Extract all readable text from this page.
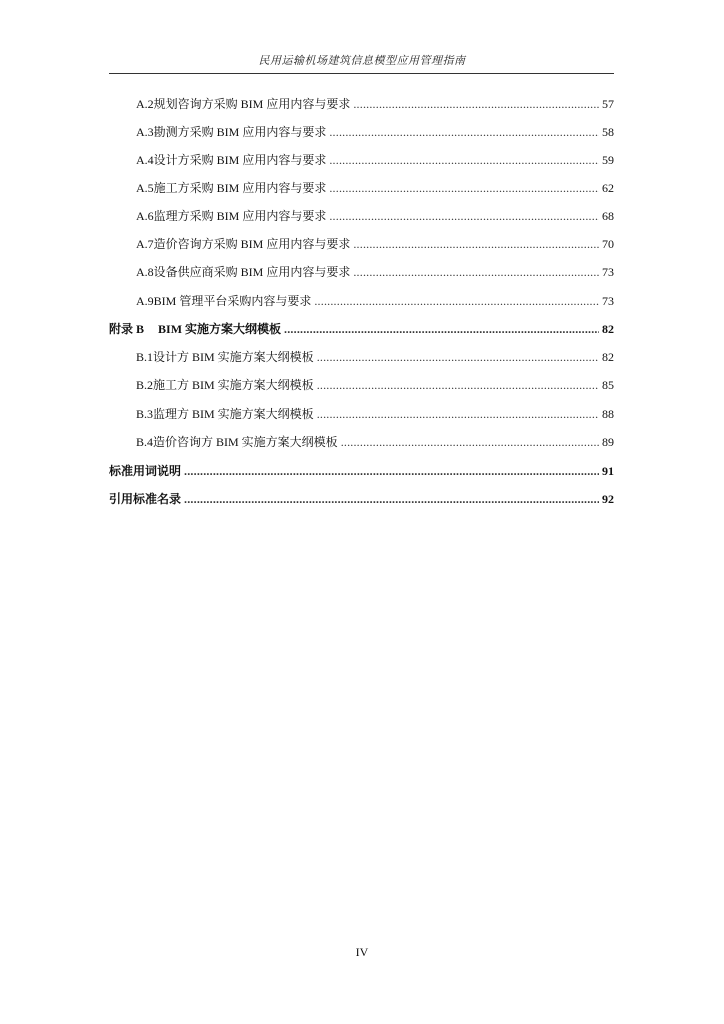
民用运输机场建筑信息模型应用管理指南
A.2 规划咨询方采购 BIM 应用内容与要求 .....	57
A.3 勘测方采购 BIM 应用内容与要求 .....	58
A.4 设计方采购 BIM 应用内容与要求 .....	59
A.5 施工方采购 BIM 应用内容与要求 .....	62
A.6 监理方采购 BIM 应用内容与要求 .....	68
A.7 造价咨询方采购 BIM 应用内容与要求 .....	70
A.8 设备供应商采购 BIM 应用内容与要求 .....	73
A.9 BIM 管理平台采购内容与要求 .....	73
附录 B BIM 实施方案大纲模板 .....	82
B.1 设计方 BIM 实施方案大纲模板 .....	82
B.2 施工方 BIM 实施方案大纲模板 .....	85
B.3 监理方 BIM 实施方案大纲模板 .....	88
B.4 造价咨询方 BIM 实施方案大纲模板 .....	89
标准用词说明 .....	91
引用标准名录 .....	92
IV
